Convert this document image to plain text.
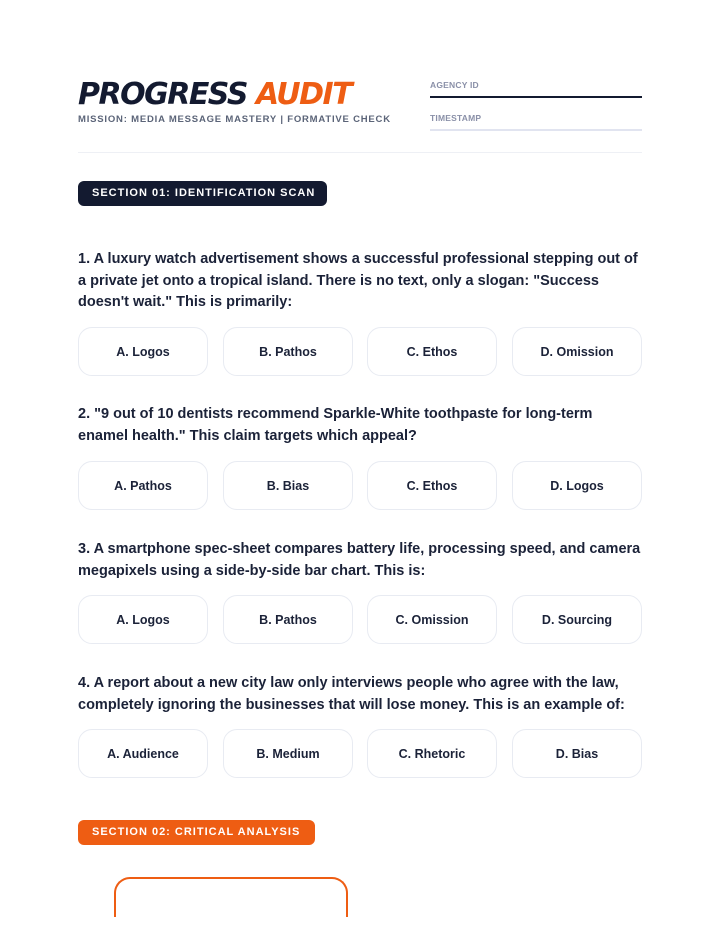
PROGRESS AUDIT
MISSION: MEDIA MESSAGE MASTERY | FORMATIVE CHECK
AGENCY ID
TIMESTAMP
SECTION 01: IDENTIFICATION SCAN
1. A luxury watch advertisement shows a successful professional stepping out of a private jet onto a tropical island. There is no text, only a slogan: "Success doesn't wait." This is primarily:
A. Logos	B. Pathos	C. Ethos	D. Omission
2. "9 out of 10 dentists recommend Sparkle-White toothpaste for long-term enamel health." This claim targets which appeal?
A. Pathos	B. Bias	C. Ethos	D. Logos
3. A smartphone spec-sheet compares battery life, processing speed, and camera megapixels using a side-by-side bar chart. This is:
A. Logos	B. Pathos	C. Omission	D. Sourcing
4. A report about a new city law only interviews people who agree with the law, completely ignoring the businesses that will lose money. This is an example of:
A. Audience	B. Medium	C. Rhetoric	D. Bias
SECTION 02: CRITICAL ANALYSIS
